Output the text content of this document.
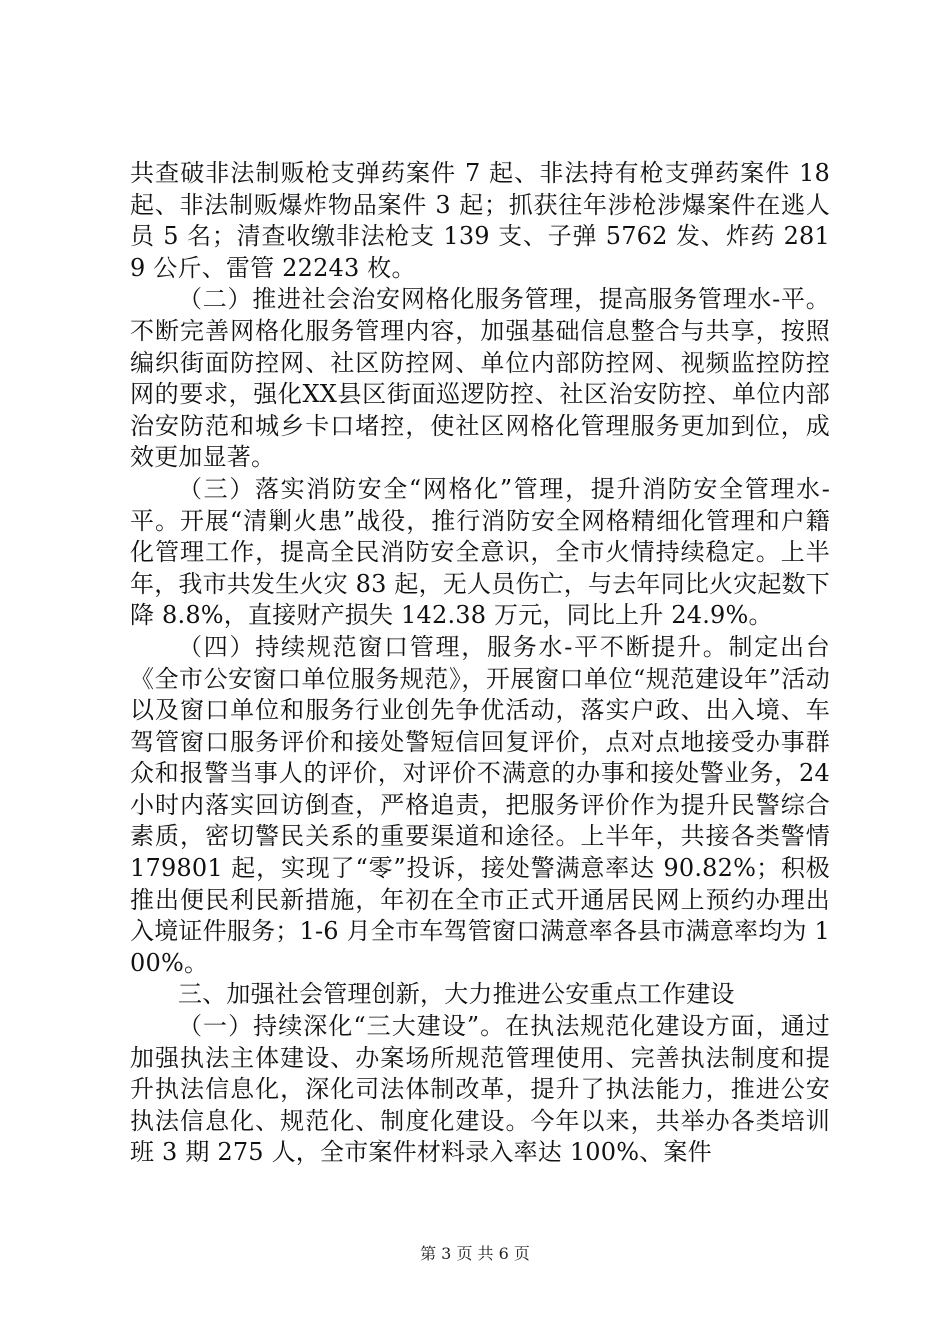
共查破非法制贩枪支弹药案件 7 起、非法持有枪支弹药案件 18 起、非法制贩爆炸物品案件 3 起；抓获往年涉枪涉爆案件在逃人员 5 名；清查收缴非法枪支 139 支、子弹 5762 发、炸药 2819 公斤、雷管 22243 枚。

（二）推进社会治安网格化服务管理，提高服务管理水-平。不断完善网格化服务管理内容，加强基础信息整合与共享，按照编织街面防控网、社区防控网、单位内部防控网、视频监控防控网的要求，强化XX县区街面巡逻防控、社区治安防控、单位内部治安防范和城乡卡口堵控，使社区网格化管理服务更加到位，成效更加显著。

（三）落实消防安全“网格化”管理，提升消防安全管理水-平。开展“清剿火患”战役，推行消防安全网格精细化管理和户籍化管理工作，提高全民消防安全意识，全市火情持续稳定。上半年，我市共发生火灾 83 起，无人员伤亡，与去年同比火灾起数下降 8.8%，直接财产损失 142.38 万元，同比上升 24.9%。

（四）持续规范窗口管理，服务水-平不断提升。制定出台《全市公安窗口单位服务规范》，开展窗口单位“规范建设年”活动以及窗口单位和服务行业创先争优活动，落实户政、出入境、车驾管窗口服务评价和接处警短信回复评价，点对点地接受办事群众和报警当事人的评价，对评价不满意的办事和接处警业务，24 小时内落实回访倒查，严格追责，把服务评价作为提升民警综合素质，密切警民关系的重要渠道和途径。上半年，共接各类警情 179801 起，实现了“零”投诉，接处警满意率达 90.82%；积极推出便民利民新措施，年初在全市正式开通居民网上预约办理出入境证件服务；1-6 月全市车驾管窗口满意率各县市满意率均为 100%。

三、加强社会管理创新，大力推进公安重点工作建设

（一）持续深化“三大建设”。在执法规范化建设方面，通过加强执法主体建设、办案场所规范管理使用、完善执法制度和提升执法信息化，深化司法体制改革，提升了执法能力，推进公安执法信息化、规范化、制度化建设。今年以来，共举办各类培训班 3 期 275 人，全市案件材料录入率达 100%、案件

第 3 页 共 6 页
